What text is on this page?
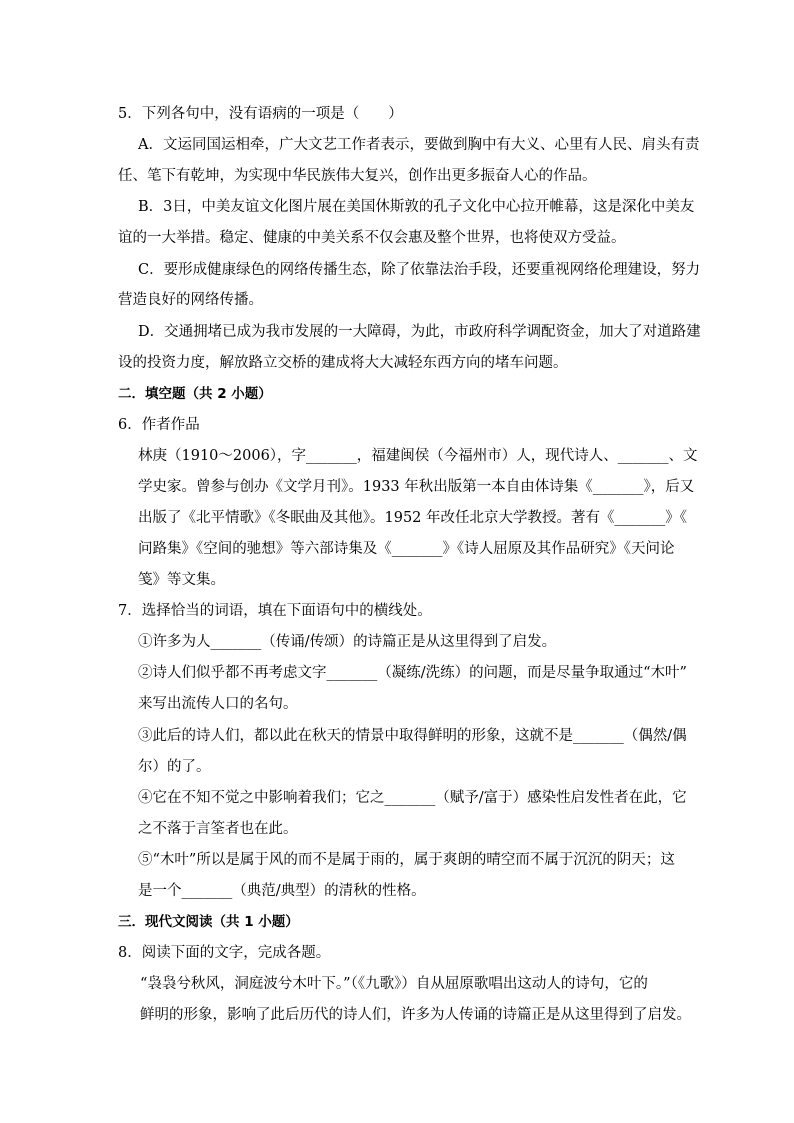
5．下列各句中，没有语病的一项是（　　）
A．文运同国运相牵，广大文艺工作者表示，要做到胸中有大义、心里有人民、肩头有责
任、笔下有乾坤，为实现中华民族伟大复兴，创作出更多振奋人心的作品。
B．3日，中美友谊文化图片展在美国休斯敦的孔子文化中心拉开帷幕，这是深化中美友
谊的一大举措。稳定、健康的中美关系不仅会惠及整个世界，也将使双方受益。
C．要形成健康绿色的网络传播生态，除了依靠法治手段，还要重视网络伦理建设，努力
营造良好的网络传播。
D．交通拥堵已成为我市发展的一大障碍，为此，市政府科学调配资金，加大了对道路建
设的投资力度，解放路立交桥的建成将大大减轻东西方向的堵车问题。
二．填空题（共 2 小题）
6．作者作品
林庚（1910～2006），字_______，福建闽侯（今福州市）人，现代诗人、_______、文
学史家。曾参与创办《文学月刊》。1933 年秋出版第一本自由体诗集《_______》，后又
出版了《北平情歌》《冬眠曲及其他》。1952 年改任北京大学教授。著有《_______》《
问路集》《空间的驰想》等六部诗集及《_______》《诗人屈原及其作品研究》《天问论
笺》等文集。
7．选择恰当的词语，填在下面语句中的横线处。
①许多为人_______（传诵/传颂）的诗篇正是从这里得到了启发。
②诗人们似乎都不再考虑文字_______（凝练/洗练）的问题，而是尽量争取通过“木叶”
来写出流传人口的名句。
③此后的诗人们，都以此在秋天的情景中取得鲜明的形象，这就不是_______（偶然/偶
尔）的了。
④它在不知不觉之中影响着我们；它之_______（赋予/富于）感染性启发性者在此，它
之不落于言筌者也在此。
⑤“木叶”所以是属于风的而不是属于雨的，属于爽朗的晴空而不属于沉沉的阴天；这
是一个_______（典范/典型）的清秋的性格。
三．现代文阅读（共 1 小题）
8．阅读下面的文字，完成各题。
“袅袅兮秋风，洞庭波兮木叶下。”（《九歌》）自从屈原歌唱出这动人的诗句，它的
鲜明的形象，影响了此后历代的诗人们，许多为人传诵的诗篇正是从这里得到了启发。
